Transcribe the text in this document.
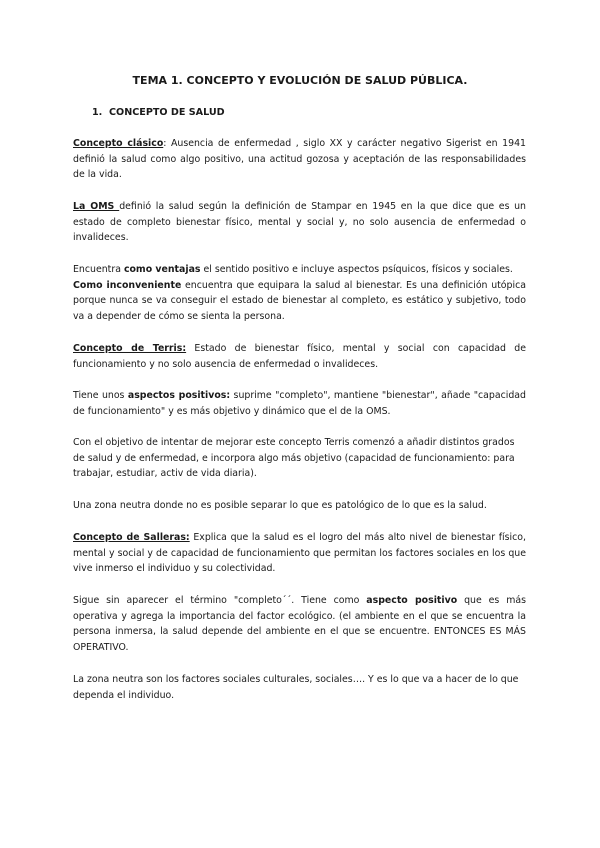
TEMA 1. CONCEPTO Y EVOLUCIÓN DE SALUD PÚBLICA.
1. CONCEPTO DE SALUD
Concepto clásico: Ausencia de enfermedad , siglo XX y carácter negativo Sigerist en 1941 definió la salud como algo positivo, una actitud gozosa y aceptación de las responsabilidades de la vida.
La OMS definió la salud según la definición de Stampar en 1945 en la que dice que es un estado de completo bienestar físico, mental y social y, no solo ausencia de enfermedad o invalideces.
Encuentra como ventajas el sentido positivo e incluye aspectos psíquicos, físicos y sociales.
Como inconveniente encuentra que equipara la salud al bienestar. Es una definición utópica porque nunca se va conseguir el estado de bienestar al completo, es estático y subjetivo, todo va a depender de cómo se sienta la persona.
Concepto de Terris: Estado de bienestar físico, mental y social con capacidad de funcionamiento y no solo ausencia de enfermedad o invalideces.
Tiene unos aspectos positivos: suprime "completo", mantiene "bienestar", añade "capacidad de funcionamiento" y es más objetivo y dinámico que el de la OMS.
Con el objetivo de intentar de mejorar este concepto Terris comenzó a añadir distintos grados de salud y de enfermedad, e incorpora algo más objetivo (capacidad de funcionamiento: para trabajar, estudiar, activ de vida diaria).
Una zona neutra donde no es posible separar lo que es patológico de lo que es la salud.
Concepto de Salleras: Explica que la salud es el logro del más alto nivel de bienestar físico, mental y social y de capacidad de funcionamiento que permitan los factores sociales en los que vive inmerso el individuo y su colectividad.
Sigue sin aparecer el término "completo´´. Tiene como aspecto positivo que es más operativa y agrega la importancia del factor ecológico. (el ambiente en el que se encuentra la persona inmersa, la salud depende del ambiente en el que se encuentre. ENTONCES ES MÁS OPERATIVO.
La zona neutra son los factores sociales culturales, sociales…. Y es lo que va a hacer de lo que dependa el individuo.
